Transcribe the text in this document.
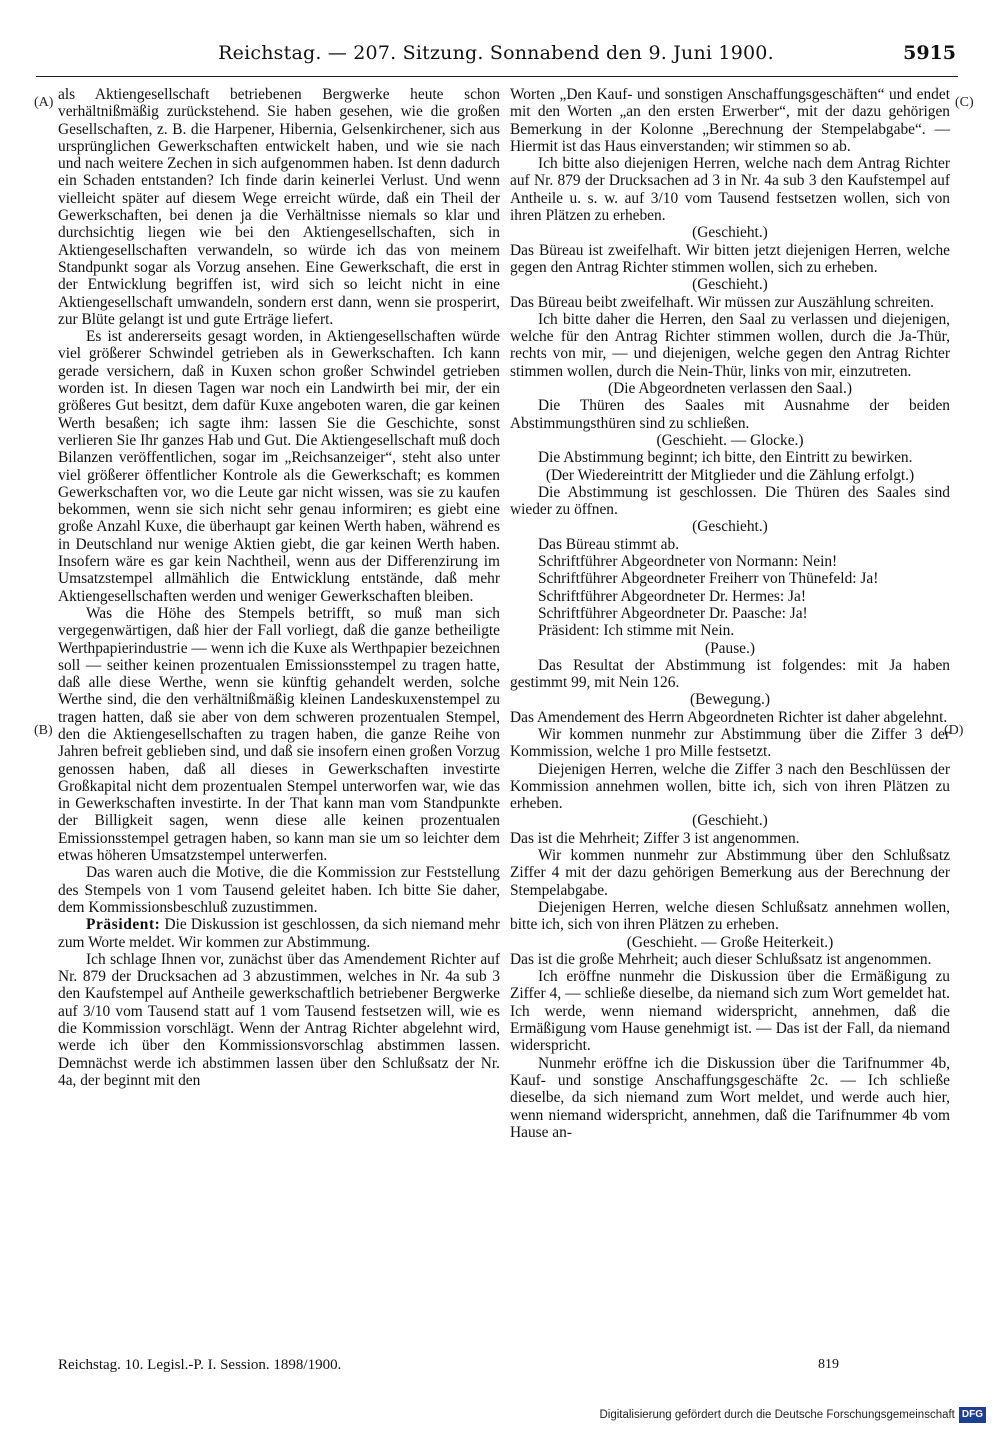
Reichstag. — 207. Sitzung. Sonnabend den 9. Juni 1900.	5915
(A)
(B)
(C)
(D)

als Aktiengesellschaft betriebenen Bergwerke heute schon verhältnißmäßig zurückstehend. Sie haben gesehen, wie die großen Gesellschaften, z. B. die Harpener, Hibernia, Gelsenkirchener, sich aus ursprünglichen Gewerkschaften entwickelt haben, und wie sie nach und nach weitere Zechen in sich aufgenommen haben. Ist denn dadurch ein Schaden entstanden? Ich finde darin keinerlei Verlust. Und wenn vielleicht später auf diesem Wege erreicht würde, daß ein Theil der Gewerkschaften, bei denen ja die Verhältnisse niemals so klar und durchsichtig liegen wie bei den Aktiengesellschaften, sich in Aktiengesellschaften verwandeln, so würde ich das von meinem Standpunkt sogar als Vorzug ansehen. Eine Gewerkschaft, die erst in der Entwicklung begriffen ist, wird sich so leicht nicht in eine Aktiengesellschaft umwandeln, sondern erst dann, wenn sie prosperirt, zur Blüte gelangt ist und gute Erträge liefert.

Es ist andererseits gesagt worden, in Aktiengesellschaften würde viel größerer Schwindel getrieben als in Gewerkschaften. Ich kann gerade versichern, daß in Kuxen schon großer Schwindel getrieben worden ist. In diesen Tagen war noch ein Landwirth bei mir, der ein größeres Gut besitzt, dem dafür Kuxe angeboten waren, die gar keinen Werth besaßen; ich sagte ihm: lassen Sie die Geschichte, sonst verlieren Sie Ihr ganzes Hab und Gut. Die Aktiengesellschaft muß doch Bilanzen veröffentlichen, sogar im „Reichsanzeiger“, steht also unter viel größerer öffentlicher Kontrole als die Gewerkschaft; es kommen Gewerkschaften vor, wo die Leute gar nicht wissen, was sie zu kaufen bekommen, wenn sie sich nicht sehr genau informiren; es giebt eine große Anzahl Kuxe, die überhaupt gar keinen Werth haben, während es in Deutschland nur wenige Aktien giebt, die gar keinen Werth haben. Insofern wäre es gar kein Nachtheil, wenn aus der Differenzirung im Umsatzstempel allmählich die Entwicklung entstände, daß mehr Aktiengesellschaften werden und weniger Gewerkschaften bleiben.

Was die Höhe des Stempels betrifft, so muß man sich vergegenwärtigen, daß hier der Fall vorliegt, daß die ganze betheiligte Werthpapierindustrie — wenn ich die Kuxe als Werthpapier bezeichnen soll — seither keinen prozentualen Emissionsstempel zu tragen hatte, daß alle diese Werthe, wenn sie künftig gehandelt werden, solche Werthe sind, die den verhältnißmäßig kleinen Landeskuxenstempel zu tragen hatten, daß sie aber von dem schweren prozentualen Stempel, den die Aktiengesellschaften zu tragen haben, die ganze Reihe von Jahren befreit geblieben sind, und daß sie insofern einen großen Vorzug genossen haben, daß all dieses in Gewerkschaften investirte Großkapital nicht dem prozentualen Stempel unterworfen war, wie das in Gewerkschaften investirte. In der That kann man vom Standpunkte der Billigkeit sagen, wenn diese alle keinen prozentualen Emissionsstempel getragen haben, so kann man sie um so leichter dem etwas höheren Umsatzstempel unterwerfen.

Das waren auch die Motive, die die Kommission zur Feststellung des Stempels von 1 vom Tausend geleitet haben. Ich bitte Sie daher, dem Kommissionsbeschluß zuzustimmen.

Präsident: Die Diskussion ist geschlossen, da sich niemand mehr zum Worte meldet. Wir kommen zur Abstimmung.

Ich schlage Ihnen vor, zunächst über das Amendement Richter auf Nr. 879 der Drucksachen ad 3 abzustimmen, welches in Nr. 4a sub 3 den Kaufstempel auf Antheile gewerkschaftlich betriebener Bergwerke auf 3/10 vom Tausend statt auf 1 vom Tausend festsetzen will, wie es die Kommission vorschlägt. Wenn der Antrag Richter abgelehnt wird, werde ich über den Kommissionsvorschlag abstimmen lassen. Demnächst werde ich abstimmen lassen über den Schlußsatz der Nr. 4a, der beginnt mit den

Worten „Den Kauf- und sonstigen Anschaffungsgeschäften“ und endet mit den Worten „an den ersten Erwerber“, mit der dazu gehörigen Bemerkung in der Kolonne „Berechnung der Stempelabgabe“. — Hiermit ist das Haus einverstanden; wir stimmen so ab.

Ich bitte also diejenigen Herren, welche nach dem Antrag Richter auf Nr. 879 der Drucksachen ad 3 in Nr. 4a sub 3 den Kaufstempel auf Antheile u. s. w. auf 3/10 vom Tausend festsetzen wollen, sich von ihren Plätzen zu erheben.

(Geschieht.)

Das Büreau ist zweifelhaft. Wir bitten jetzt diejenigen Herren, welche gegen den Antrag Richter stimmen wollen, sich zu erheben.

(Geschieht.)

Das Büreau beibt zweifelhaft. Wir müssen zur Auszählung schreiten.

Ich bitte daher die Herren, den Saal zu verlassen und diejenigen, welche für den Antrag Richter stimmen wollen, durch die Ja-Thür, rechts von mir, — und diejenigen, welche gegen den Antrag Richter stimmen wollen, durch die Nein-Thür, links von mir, einzutreten.

(Die Abgeordneten verlassen den Saal.)

Die Thüren des Saales mit Ausnahme der beiden Abstimmungsthüren sind zu schließen.

(Geschieht. — Glocke.)

Die Abstimmung beginnt; ich bitte, den Eintritt zu bewirken.

(Der Wiedereintritt der Mitglieder und die Zählung erfolgt.)

Die Abstimmung ist geschlossen. Die Thüren des Saales sind wieder zu öffnen.

(Geschieht.)

Das Büreau stimmt ab.

Schriftführer Abgeordneter von Normann: Nein!

Schriftführer Abgeordneter Freiherr von Thünefeld: Ja!

Schriftführer Abgeordneter Dr. Hermes: Ja!

Schriftführer Abgeordneter Dr. Paasche: Ja!

Präsident: Ich stimme mit Nein.

(Pause.)

Das Resultat der Abstimmung ist folgendes: mit Ja haben gestimmt 99, mit Nein 126.

(Bewegung.)

Das Amendement des Herrn Abgeordneten Richter ist daher abgelehnt.

Wir kommen nunmehr zur Abstimmung über die Ziffer 3 der Kommission, welche 1 pro Mille festsetzt.

Diejenigen Herren, welche die Ziffer 3 nach den Beschlüssen der Kommission annehmen wollen, bitte ich, sich von ihren Plätzen zu erheben.

(Geschieht.)

Das ist die Mehrheit; Ziffer 3 ist angenommen.

Wir kommen nunmehr zur Abstimmung über den Schlußsatz Ziffer 4 mit der dazu gehörigen Bemerkung aus der Berechnung der Stempelabgabe.

Diejenigen Herren, welche diesen Schlußsatz annehmen wollen, bitte ich, sich von ihren Plätzen zu erheben.

(Geschieht. — Große Heiterkeit.)

Das ist die große Mehrheit; auch dieser Schlußsatz ist angenommen.

Ich eröffne nunmehr die Diskussion über die Ermäßigung zu Ziffer 4, — schließe dieselbe, da niemand sich zum Wort gemeldet hat. Ich werde, wenn niemand widerspricht, annehmen, daß die Ermäßigung vom Hause genehmigt ist. — Das ist der Fall, da niemand widerspricht.

Nunmehr eröffne ich die Diskussion über die Tarifnummer 4b, Kauf- und sonstige Anschaffungsgeschäfte 2c. — Ich schließe dieselbe, da sich niemand zum Wort meldet, und werde auch hier, wenn niemand widerspricht, annehmen, daß die Tarifnummer 4b vom Hause an-

Reichstag. 10. Legisl.-P. I. Session. 1898/1900.	819
Digitalisierung gefördert durch die Deutsche Forschungsgemeinschaft DFG
